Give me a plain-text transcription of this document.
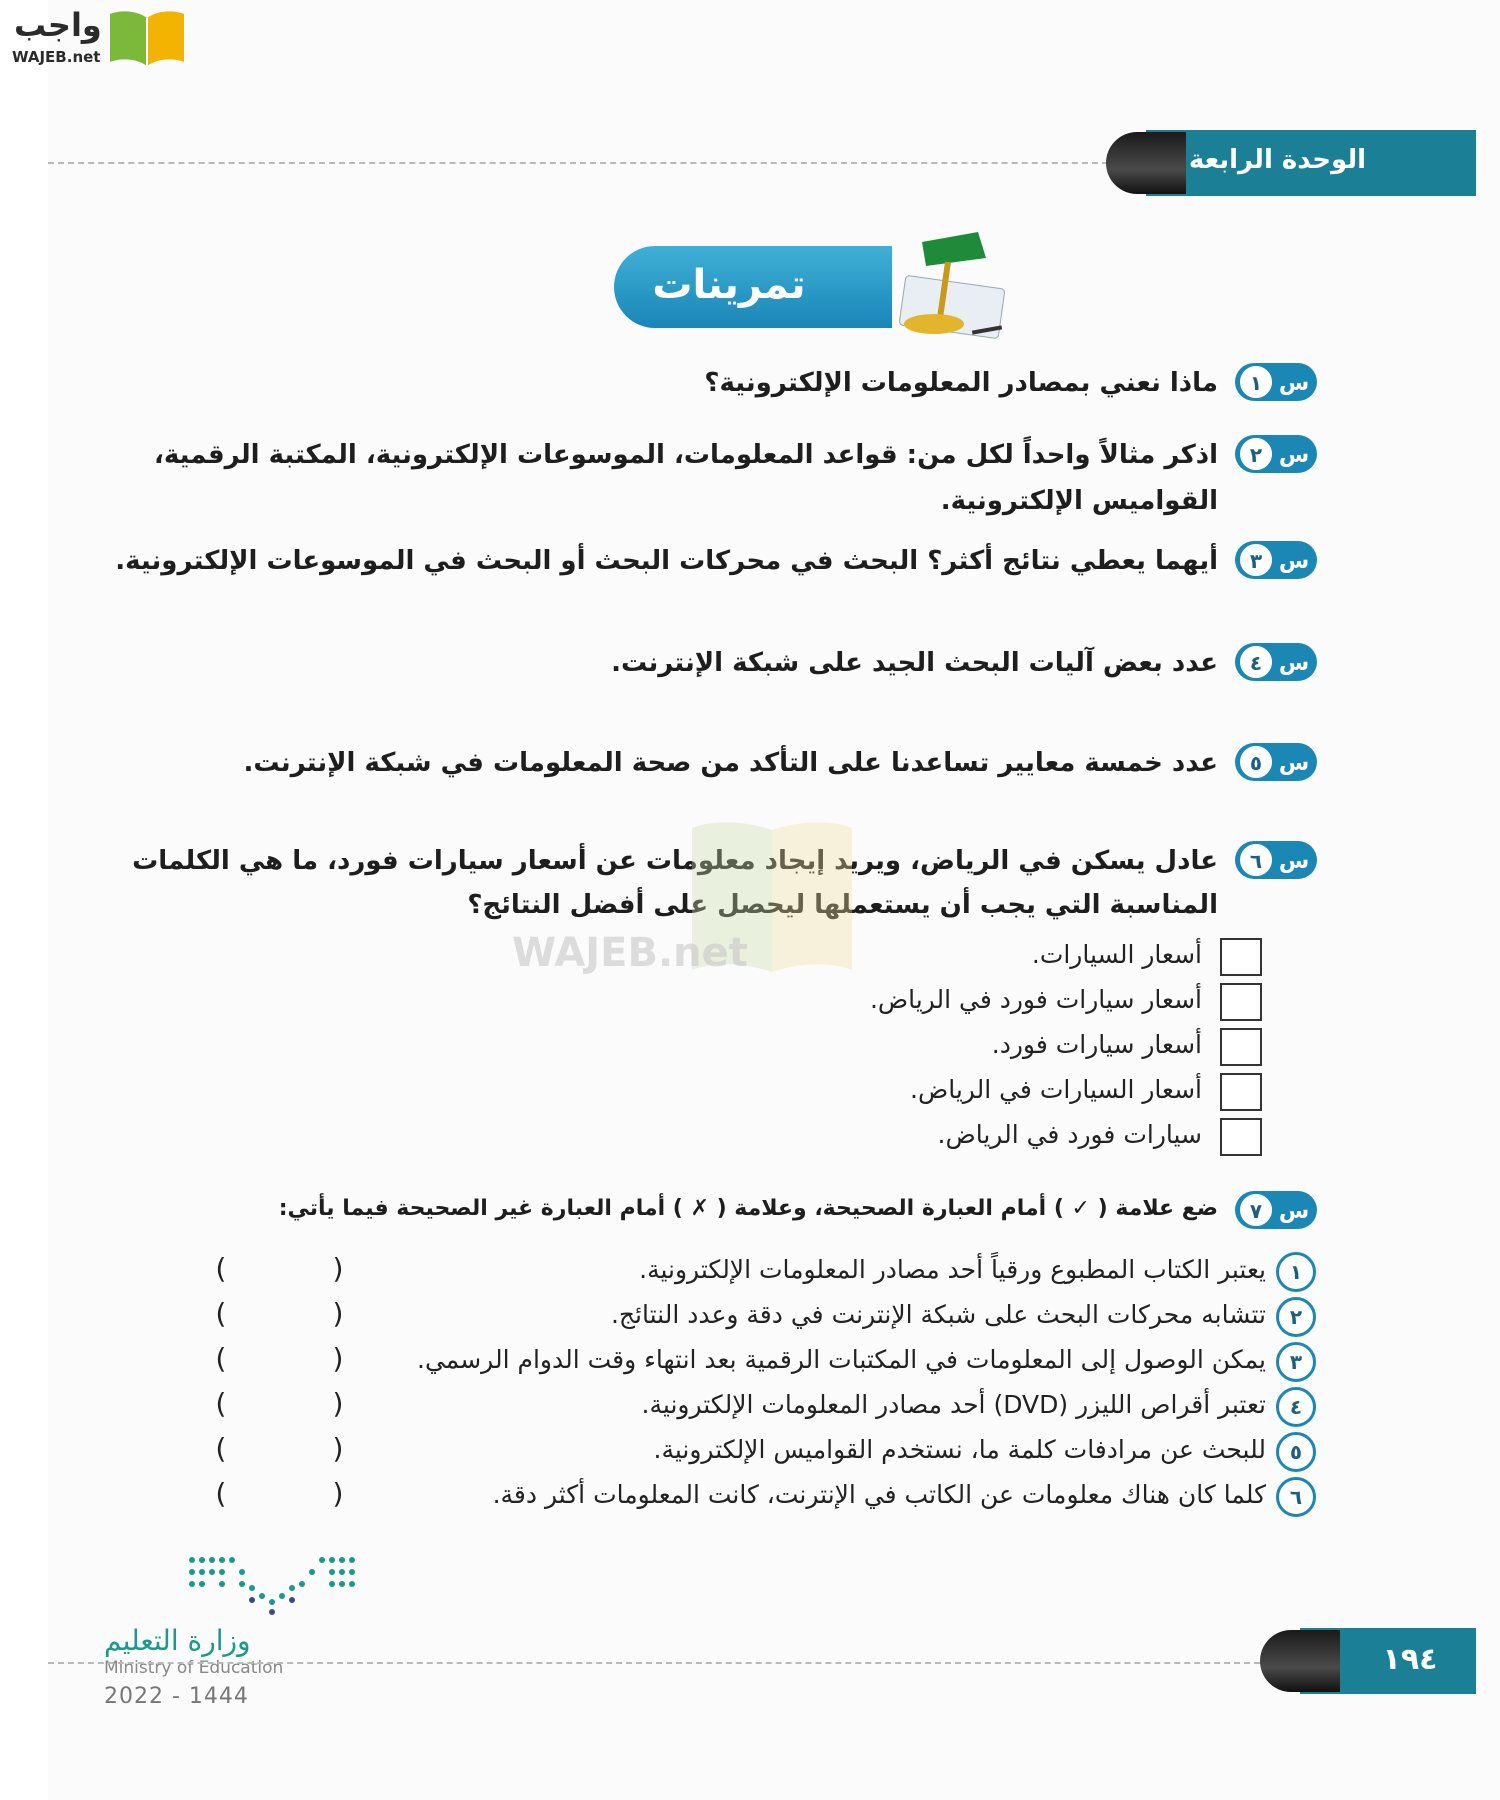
واجب
WAJEB.net
الوحدة الرابعة
تمرينات
س
١
ماذا نعني بمصادر المعلومات الإلكترونية؟
س
٢
اذكر مثالاً واحداً لكل من: قواعد المعلومات، الموسوعات الإلكترونية، المكتبة الرقمية،
القواميس الإلكترونية.
س
٣
أيهما يعطي نتائج أكثر؟ البحث في محركات البحث أو البحث في الموسوعات الإلكترونية.
س
٤
عدد بعض آليات البحث الجيد على شبكة الإنترنت.
س
٥
عدد خمسة معايير تساعدنا على التأكد من صحة المعلومات في شبكة الإنترنت.
س
٦
عادل يسكن في الرياض، ويريد إيجاد معلومات عن أسعار سيارات فورد، ما هي الكلمات
المناسبة التي يجب أن يستعملها ليحصل على أفضل النتائج؟
WAJEB.net	أسعار السيارات.
أسعار سيارات فورد في الرياض.
أسعار سيارات فورد.
أسعار السيارات في الرياض.
سيارات فورد في الرياض.
س
٧
ضع علامة ( ✓ ) أمام العبارة الصحيحة، وعلامة ( ✗ ) أمام العبارة غير الصحيحة فيما يأتي:
١
يعتبر الكتاب المطبوع ورقياً أحد مصادر المعلومات الإلكترونية.
(      )
٢
تتشابه محركات البحث على شبكة الإنترنت في دقة وعدد النتائج.
(      )
٣
يمكن الوصول إلى المعلومات في المكتبات الرقمية بعد انتهاء وقت الدوام الرسمي.
(      )
٤
تعتبر أقراص الليزر (DVD) أحد مصادر المعلومات الإلكترونية.
(      )
٥
للبحث عن مرادفات كلمة ما، نستخدم القواميس الإلكترونية.
(      )
٦
كلما كان هناك معلومات عن الكاتب في الإنترنت، كانت المعلومات أكثر دقة.
(      )
وزارة التعليم
Ministry of Education
2022 - 1444
١٩٤
